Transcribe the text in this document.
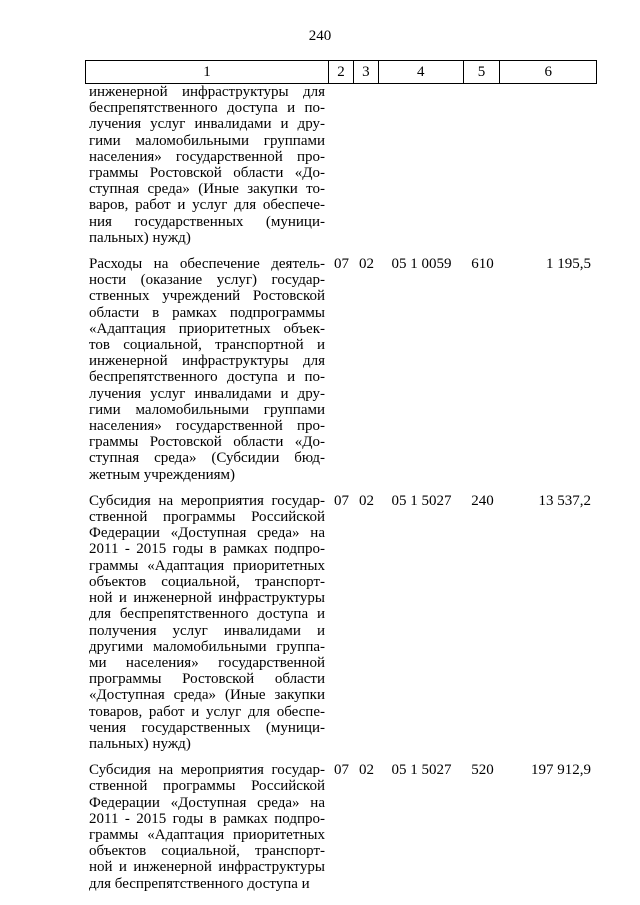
240
1	2	3	4	5	6
инженерной инфраструктуры для
беспрепятственного доступа и по-
лучения услуг инвалидами и дру-
гими маломобильными группами
населения» государственной про-
граммы Ростовской области «До-
ступная среда» (Иные закупки то-
варов, работ и услуг для обеспече-
ния государственных (муници-
пальных) нужд)
Расходы на обеспечение деятель-
ности (оказание услуг) государ-
ственных учреждений Ростовской
области в рамках подпрограммы
«Адаптация приоритетных объек-
тов социальной, транспортной и
инженерной инфраструктуры для
беспрепятственного доступа и по-
лучения услуг инвалидами и дру-
гими маломобильными группами
населения» государственной про-
граммы Ростовской области «До-
ступная среда» (Субсидии бюд-
жетным учреждениям)
07 02	05 1 0059	610	1 195,5
Субсидия на мероприятия государ-
ственной программы Российской
Федерации «Доступная среда» на
2011 - 2015 годы в рамках подпро-
граммы «Адаптация приоритетных
объектов социальной, транспорт-
ной и инженерной инфраструктуры
для беспрепятственного доступа и
получения услуг инвалидами и
другими маломобильными группа-
ми населения» государственной
программы Ростовской области
«Доступная среда» (Иные закупки
товаров, работ и услуг для обеспе-
чения государственных (муници-
пальных) нужд)
07 02	05 1 5027	240	13 537,2
Субсидия на мероприятия государ-
ственной программы Российской
Федерации «Доступная среда» на
2011 - 2015 годы в рамках подпро-
граммы «Адаптация приоритетных
объектов социальной, транспорт-
ной и инженерной инфраструктуры
для беспрепятственного доступа и
07 02	05 1 5027	520	197 912,9
